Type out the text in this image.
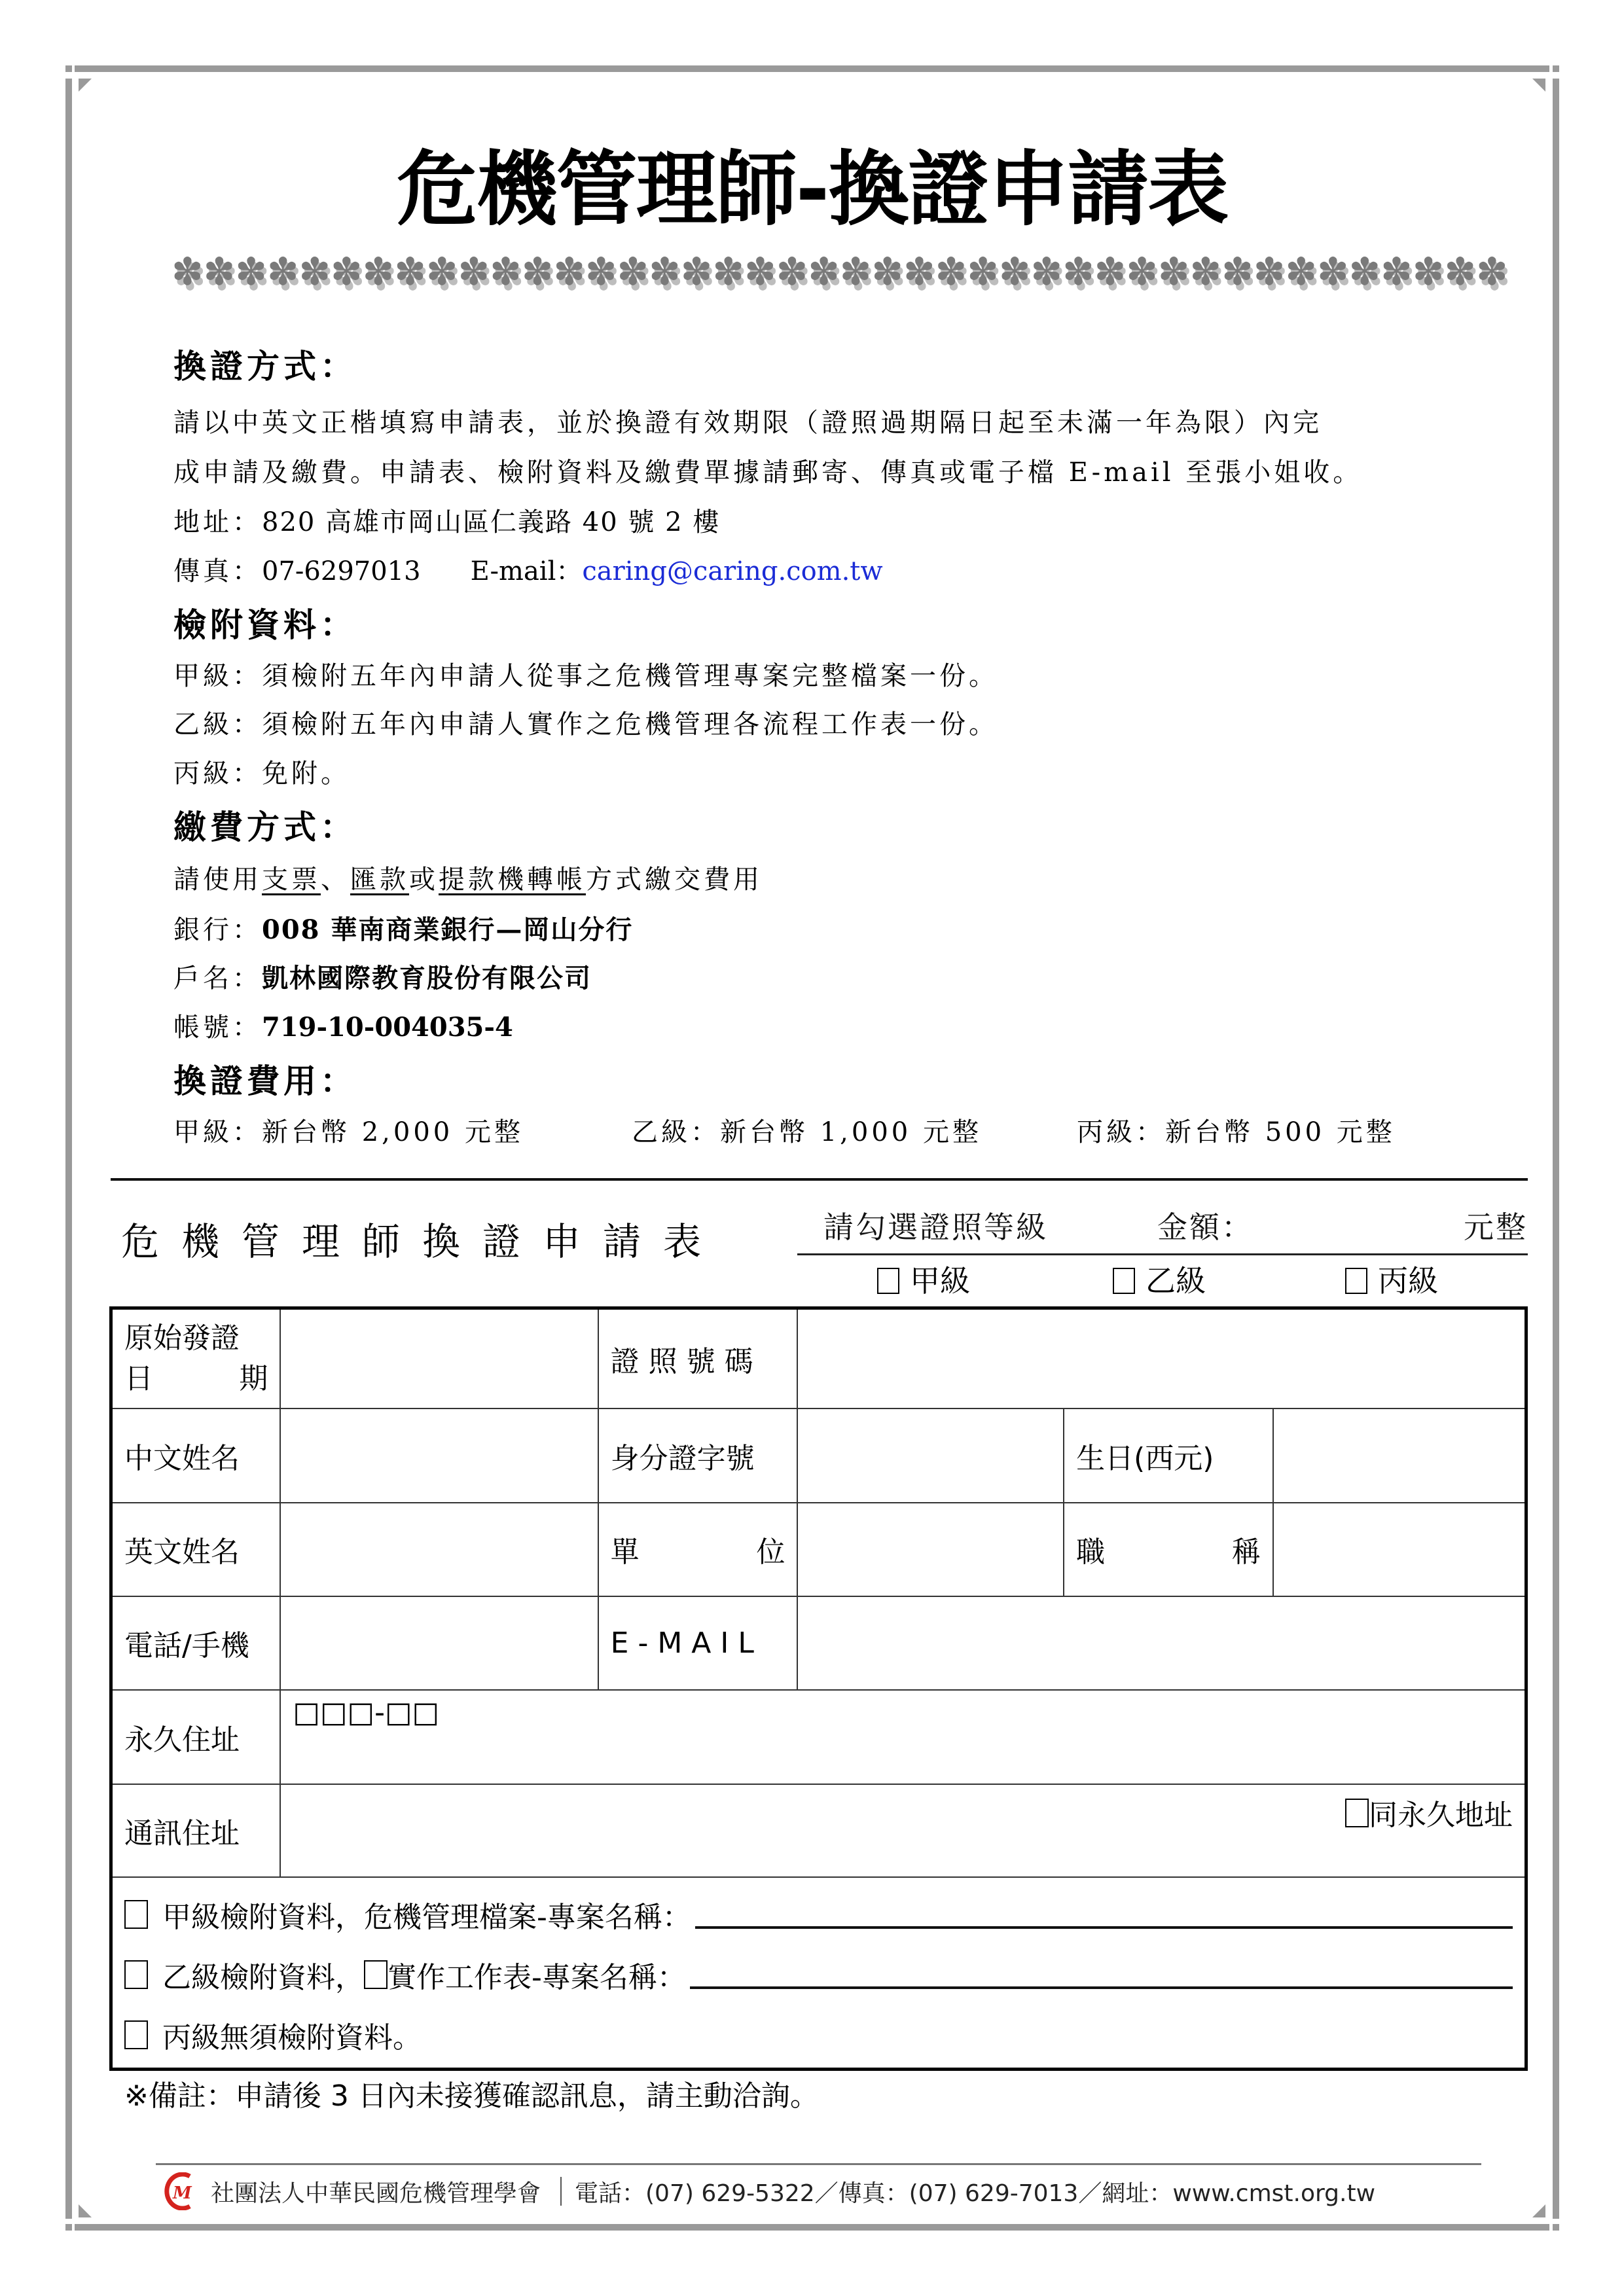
危機管理師-換證申請表
✽ ✽ ✽ ✽ ✽ ✽ ✽ ✽ ✽ ✽ ✽ ✽ ✽ ✽ ✽ ✽ ✽ ✽ ✽ ✽ ✽ ✽ ✽ ✽ ✽ ✽ ✽ ✽ ✽ ✽ ✽ ✽ ✽ ✽ ✽ ✽ ✽ ✽ ✽ ✽ ✽ ✽
換證方式：
請以中英文正楷填寫申請表，並於換證有效期限（證照過期隔日起至未滿一年為限）內完
成申請及繳費。申請表、檢附資料及繳費單據請郵寄、傳真或電子檔 E-mail 至張小姐收。
地址：820 高雄市岡山區仁義路 40 號 2 樓
傳真：07-6297013 E-mail：caring@caring.com.tw
檢附資料：
甲級：須檢附五年內申請人從事之危機管理專案完整檔案一份。
乙級：須檢附五年內申請人實作之危機管理各流程工作表一份。
丙級：免附。
繳費方式：
請使用支票、匯款或提款機轉帳方式繳交費用
銀行：008 華南商業銀行—岡山分行
戶名：凱林國際教育股份有限公司
帳號：719-10-004035-4
換證費用：
甲級：新台幣 2,000 元整	乙級：新台幣 1,000 元整	丙級：新台幣 500 元整
危機管理師換證申請表	請勾選證照等級	金額：	元整
甲級	乙級	丙級
原始發證
日 期		證 照 號 碼			
中文姓名		身分證字號		生日(西元)	
英文姓名		單 位		職 稱	

電話/手機		E - M A I L			
永久住址	□□□-□□				
通訊住址	同永久地址				

甲級檢附資料，危機管理檔案-專案名稱：
乙級檢附資料， 實作工作表-專案名稱：
丙級無須檢附資料。					
※備註：申請後 3 日內未接獲確認訊息，請主動洽詢。
M 社團法人中華民國危機管理學會 電話：(07) 629-5322／傳真：(07) 629-7013／網址：www.cmst.org.tw
